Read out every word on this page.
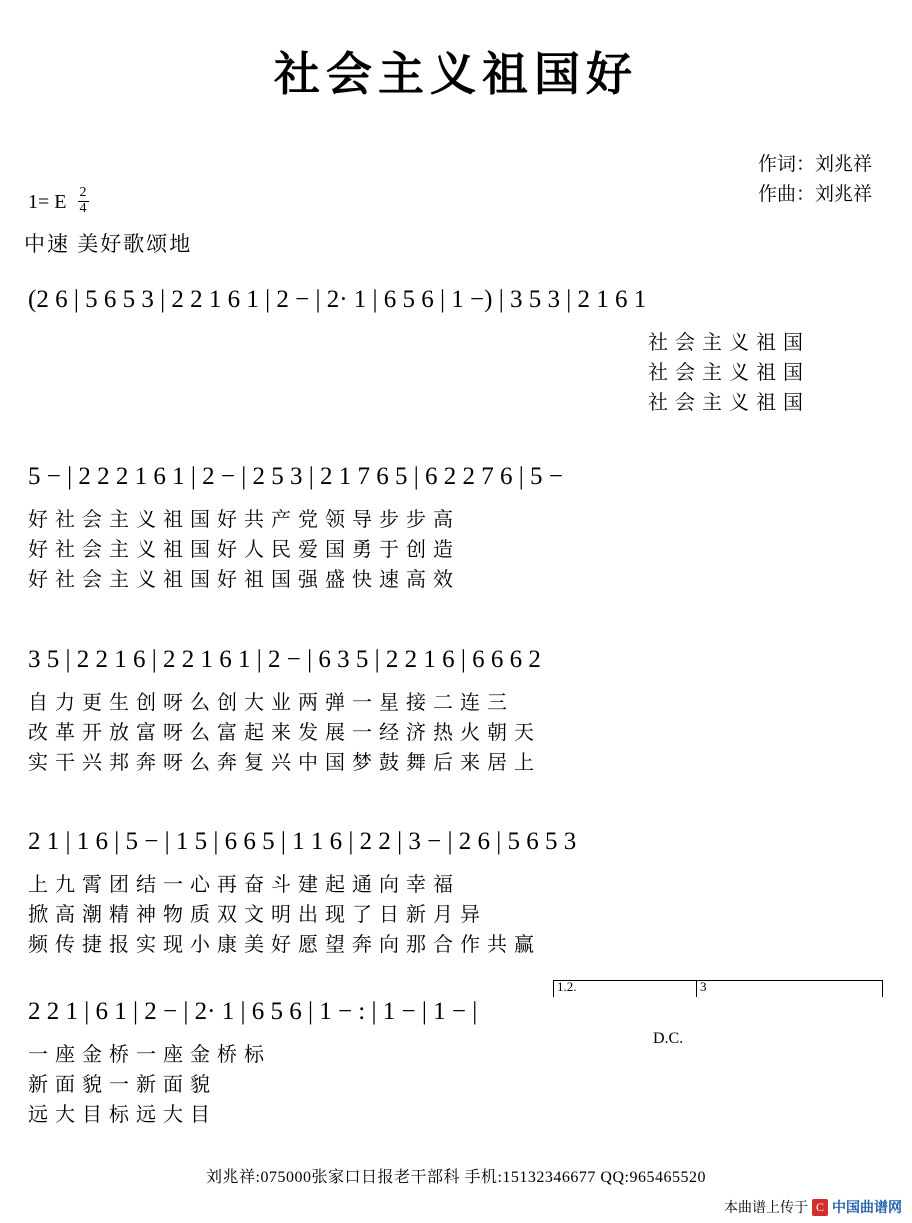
社会主义祖国好
作词：刘兆祥
作曲：刘兆祥
1= E $\frac{2}{4}$
中速 美好歌颂地
(2 6 | 5 6 5 3 | 2 2 1 6 1 | 2 − | 2· 1 | 6 5 6 | 1 −) | 3 5 3 | 2 1 6 1
社 会 主 义 祖 国
社 会 主 义 祖 国
社 会 主 义 祖 国
5 − | 2 2 2 1 6 1 | 2 − | 2 5 3 | 2 1 7 6 5 | 6 2 2 7 6 | 5 −
好 社 会 主 义 祖 国 好 共 产 党 领 导 步 步 高
好 社 会 主 义 祖 国 好 人 民 爱 国 勇 于 创 造
好 社 会 主 义 祖 国 好 祖 国 强 盛 快 速 高 效
3 5 | 2 2 1 6 | 2 2 1 6 1 | 2 − | 6 3 5 | 2 2 1 6 | 6 6 6 2
自 力 更 生 创 呀 么 创 大 业 两 弹 一 星 接 二 连 三
改 革 开 放 富 呀 么 富 起 来 发 展 一 经 济 热 火 朝 天
实 干 兴 邦 奔 呀 么 奔 复 兴 中 国 梦 鼓 舞 后 来 居 上
2 1 | 1 6 | 5 − | 1 5 | 6 6 5 | 1 1 6 | 2 2 | 3 − | 2 6 | 5 6 5 3
上 九 霄 团 结 一 心 再 奋 斗 建 起 通 向 幸 福
掀 高 潮 精 神 物 质 双 文 明 出 现 了 日 新 月 异
频 传 捷 报 实 现 小 康 美 好 愿 望 奔 向 那 合 作 共 赢
1.2.	3
2 2 1 | 6 1 | 2 − | 2· 1 | 6 5 6 | 1 − : | 1 − | 1 − |
D.C.
一 座 金 桥 一 座 金 桥 标
新 面 貌 一 新 面 貌
远 大 目 标 远 大 目
刘兆祥:075000张家口日报老干部科 手机:15132346677 QQ:965465520
本曲谱上传于 C 中国曲谱网
